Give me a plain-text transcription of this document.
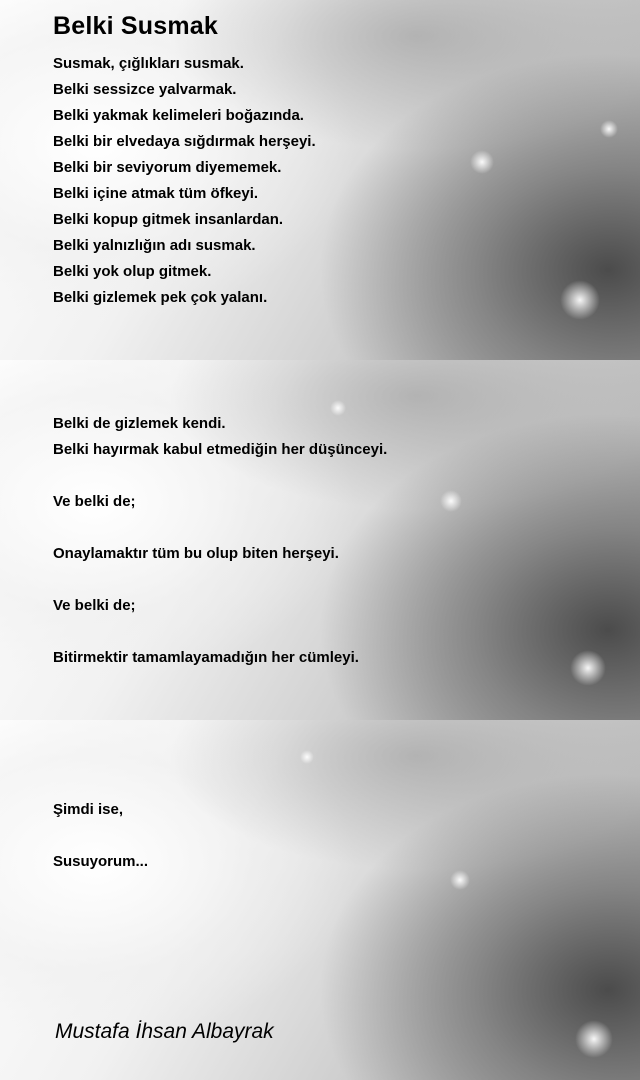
Belki Susmak
Susmak, çığlıkları susmak.
Belki sessizce yalvarmak.
Belki yakmak kelimeleri boğazında.
Belki bir elvedaya sığdırmak herşeyi.
Belki bir seviyorum diyememek.
Belki içine atmak tüm öfkeyi.
Belki kopup gitmek insanlardan.
Belki yalnızlığın adı susmak.
Belki yok olup gitmek.
Belki gizlemek pek çok yalanı.
Belki de gizlemek kendi.
Belki hayırmak kabul etmediğin her düşünceyi.
Ve belki de;
Onaylamaktır tüm bu olup biten herşeyi.
Ve belki de;
Bitirmektir tamamlayamadığın her cümleyi.
Şimdi ise,
Susuyorum...
Mustafa İhsan Albayrak
